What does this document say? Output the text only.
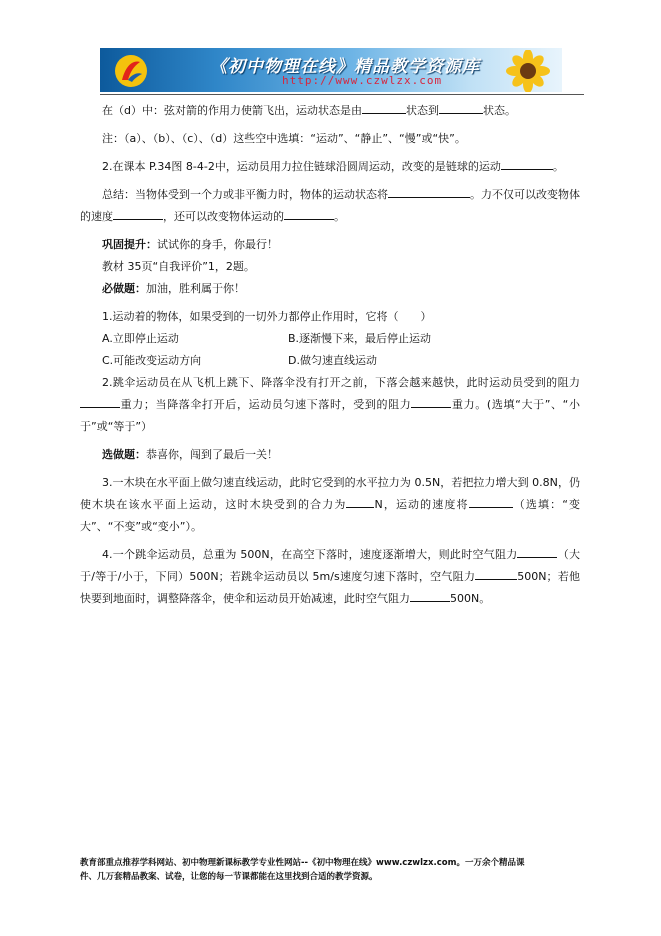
《初中物理在线》精品教学资源库
http://www.czwlzx.com

在（d）中：弦对箭的作用力使箭飞出，运动状态是由	状态到	状态。

注：（a）、（b）、（c）、（d）这些空中选填：“运动”、“静止”、“慢”或“快”。

2.在课本 P.34图 8-4-2中，运动员用力拉住链球沿圆周运动，改变的是链球的运动	。

总结：当物体受到一个力或非平衡力时，物体的运动状态将	。力不仅可以改变物体的速度	，还可以改变物体运动的	。

巩固提升：试试你的身手，你最行！

教材 35页“自我评价”1，2题。

必做题：加油，胜利属于你！

1.运动着的物体，如果受到的一切外力都停止作用时，它将（　　）

A.立即停止运动	B.逐渐慢下来，最后停止运动
C.可能改变运动方向	D.做匀速直线运动

2.跳伞运动员在从飞机上跳下、降落伞没有打开之前，下落会越来越快，此时运动员受到的阻力重力；当降落伞打开后，运动员匀速下落时，受到的阻力	重力。(选填“大于”、“小于”或“等于”）

选做题：恭喜你，闯到了最后一关！

3.一木块在水平面上做匀速直线运动，此时它受到的水平拉力为 0.5N，若把拉力增大到 0.8N，仍使木块在该水平面上运动，这时木块受到的合力为	N，运动的速度将	（选填：“变大”、“不变”或“变小”）。

4.一个跳伞运动员，总重为 500N，在高空下落时，速度逐渐增大，则此时空气阻力	（大于/等于/小于，下同）500N；若跳伞运动员以 5m/s速度匀速下落时，空气阻力	500N；若他快要到地面时，调整降落伞，使伞和运动员开始减速，此时空气阻力	500N。

教育部重点推荐学科网站、初中物理新课标教学专业性网站--《初中物理在线》www.czwlzx.com。一万余个精品课
件、几万套精品教案、试卷，让您的每一节课都能在这里找到合适的教学资源。
